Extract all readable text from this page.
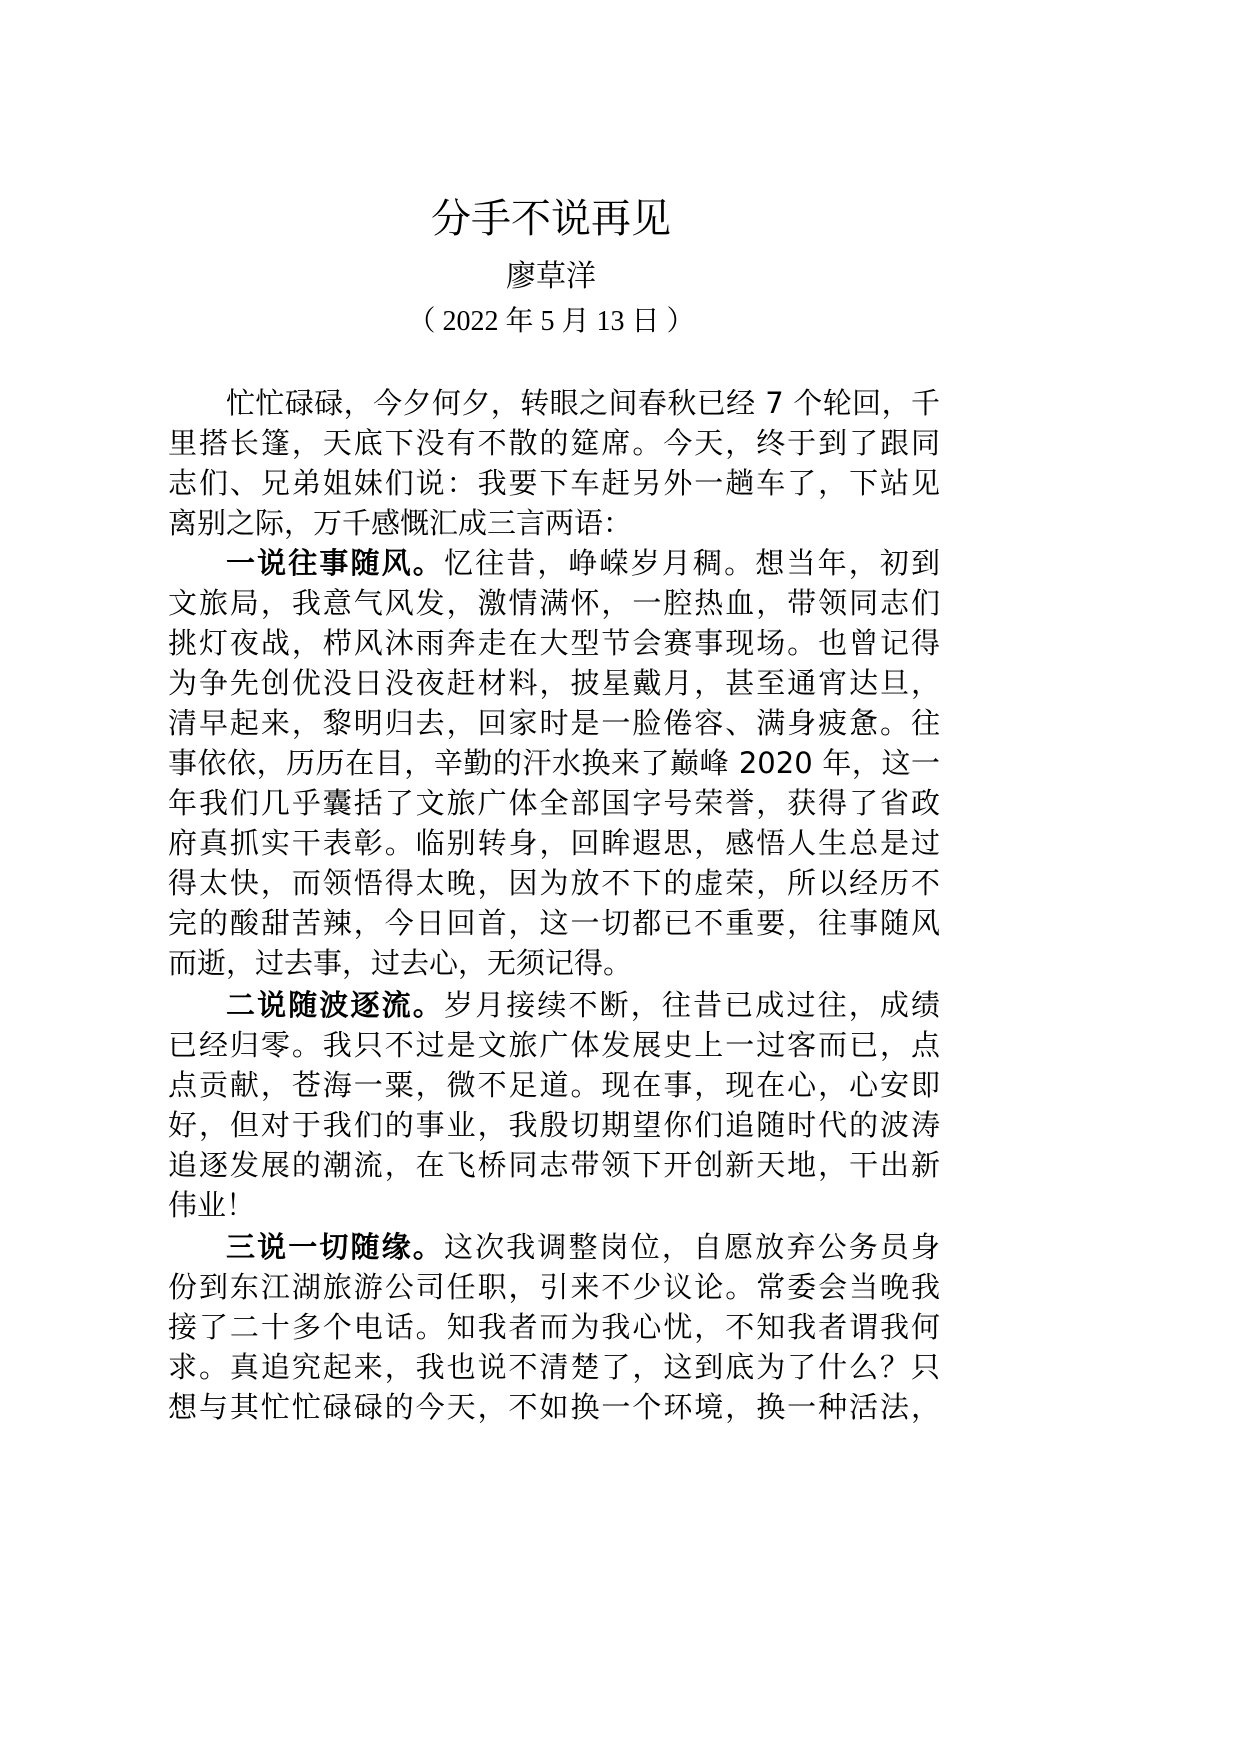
分手不说再见
廖草洋
（ 2022 年 5 月 13 日 ）
忙忙碌碌，今夕何夕，转眼之间春秋已经 7 个轮回，千
里搭长篷，天底下没有不散的筵席。今天，终于到了跟同
志们、兄弟姐妹们说：我要下车赶另外一趟车了，下站见
离别之际，万千感慨汇成三言两语：
一说往事随风。忆往昔，峥嵘岁月稠。想当年，初到
文旅局，我意气风发，激情满怀，一腔热血，带领同志们
挑灯夜战，栉风沐雨奔走在大型节会赛事现场。也曾记得
为争先创优没日没夜赶材料，披星戴月，甚至通宵达旦，
清早起来，黎明归去，回家时是一脸倦容、满身疲惫。往
事依依，历历在目，辛勤的汗水换来了巅峰 2020 年，这一
年我们几乎囊括了文旅广体全部国字号荣誉，获得了省政
府真抓实干表彰。临别转身，回眸遐思，感悟人生总是过
得太快，而领悟得太晚，因为放不下的虚荣，所以经历不
完的酸甜苦辣，今日回首，这一切都已不重要，往事随风
而逝，过去事，过去心，无须记得。
二说随波逐流。岁月接续不断，往昔已成过往，成绩
已经归零。我只不过是文旅广体发展史上一过客而已，点
点贡献，苍海一粟，微不足道。现在事，现在心，心安即
好，但对于我们的事业，我殷切期望你们追随时代的波涛
追逐发展的潮流，在飞桥同志带领下开创新天地，干出新
伟业！
三说一切随缘。这次我调整岗位，自愿放弃公务员身
份到东江湖旅游公司任职，引来不少议论。常委会当晚我
接了二十多个电话。知我者而为我心忧，不知我者谓我何
求。真追究起来，我也说不清楚了，这到底为了什么？只
想与其忙忙碌碌的今天，不如换一个环境，换一种活法，
